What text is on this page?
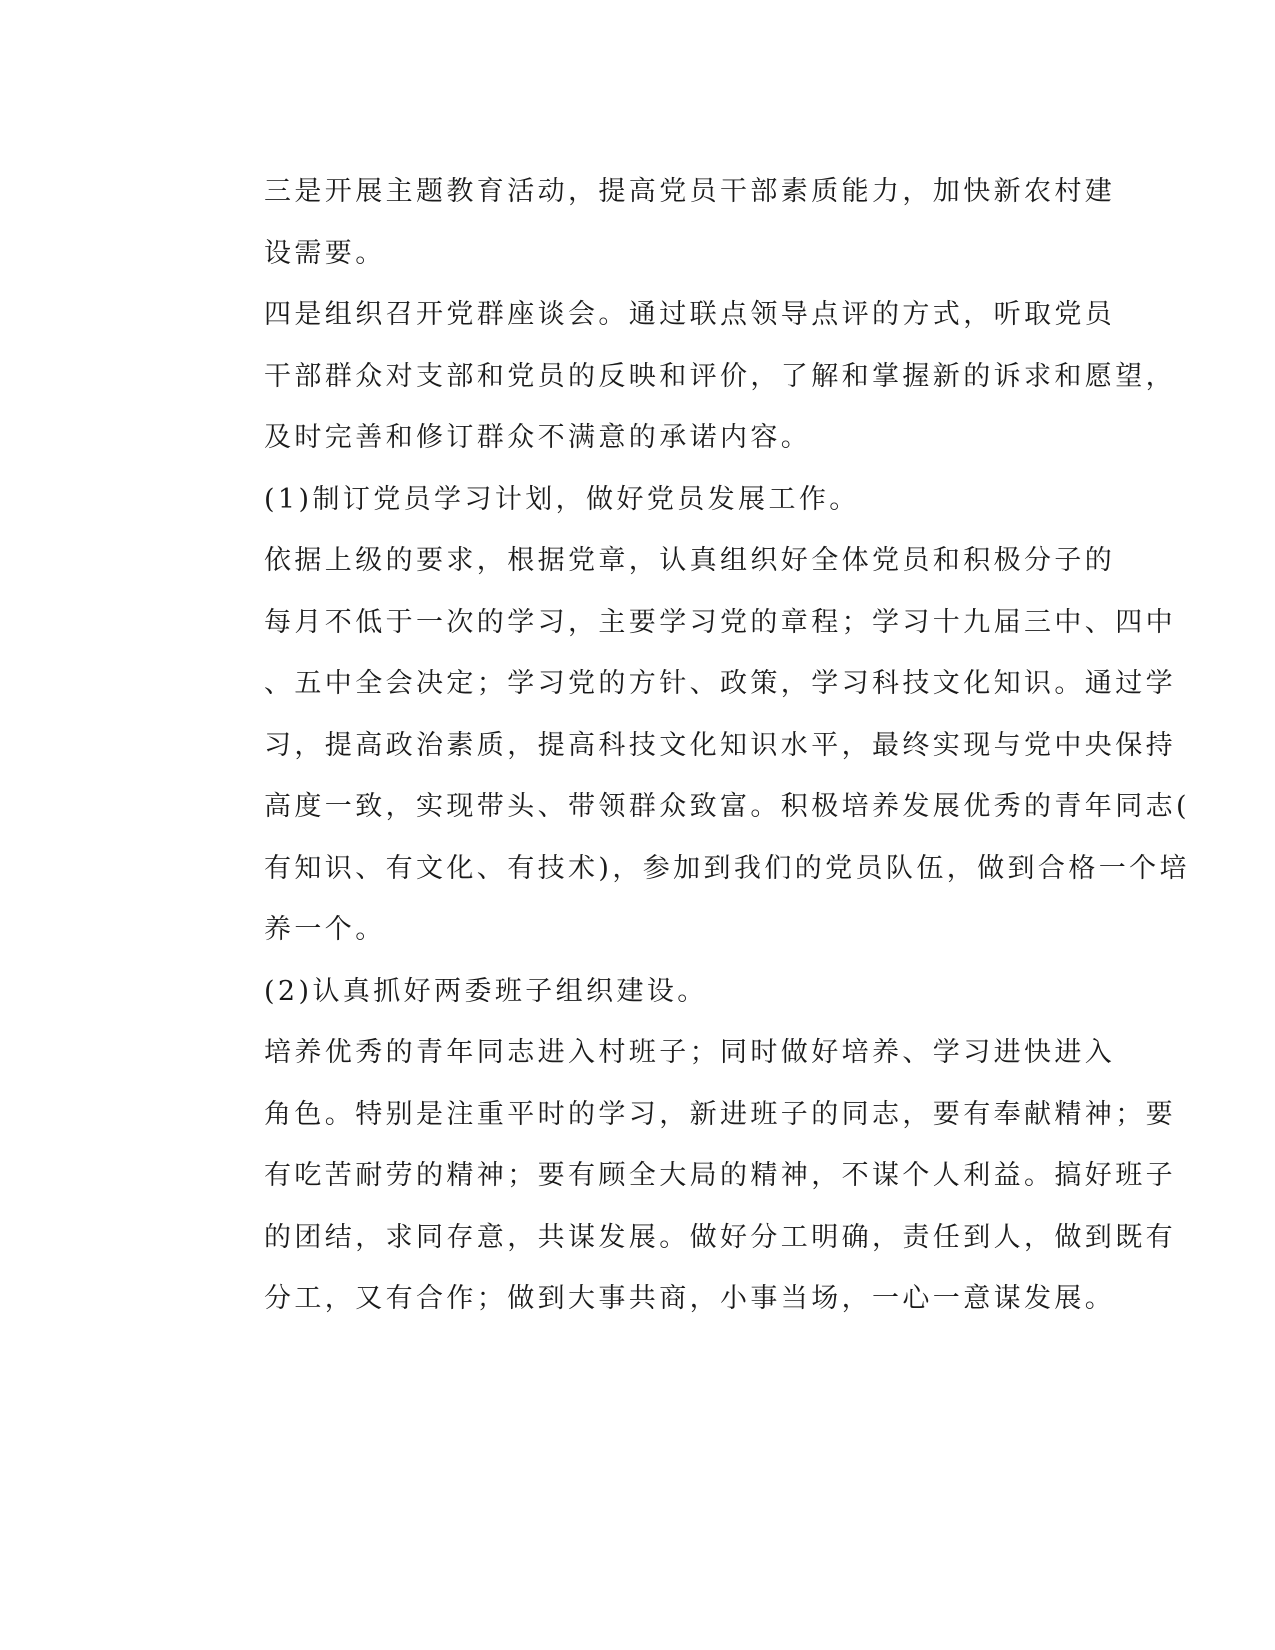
三是开展主题教育活动，提高党员干部素质能力，加快新农村建
设需要。

四是组织召开党群座谈会。通过联点领导点评的方式，听取党员
干部群众对支部和党员的反映和评价，了解和掌握新的诉求和愿望，
及时完善和修订群众不满意的承诺内容。

(1)制订党员学习计划，做好党员发展工作。

依据上级的要求，根据党章，认真组织好全体党员和积极分子的
每月不低于一次的学习，主要学习党的章程；学习十九届三中、四中
、五中全会决定；学习党的方针、政策，学习科技文化知识。通过学
习，提高政治素质，提高科技文化知识水平，最终实现与党中央保持
高度一致，实现带头、带领群众致富。积极培养发展优秀的青年同志(
有知识、有文化、有技术)，参加到我们的党员队伍，做到合格一个培
养一个。

(2)认真抓好两委班子组织建设。

培养优秀的青年同志进入村班子；同时做好培养、学习进快进入
角色。特别是注重平时的学习，新进班子的同志，要有奉献精神；要
有吃苦耐劳的精神；要有顾全大局的精神，不谋个人利益。搞好班子
的团结，求同存意，共谋发展。做好分工明确，责任到人，做到既有
分工，又有合作；做到大事共商，小事当场，一心一意谋发展。
